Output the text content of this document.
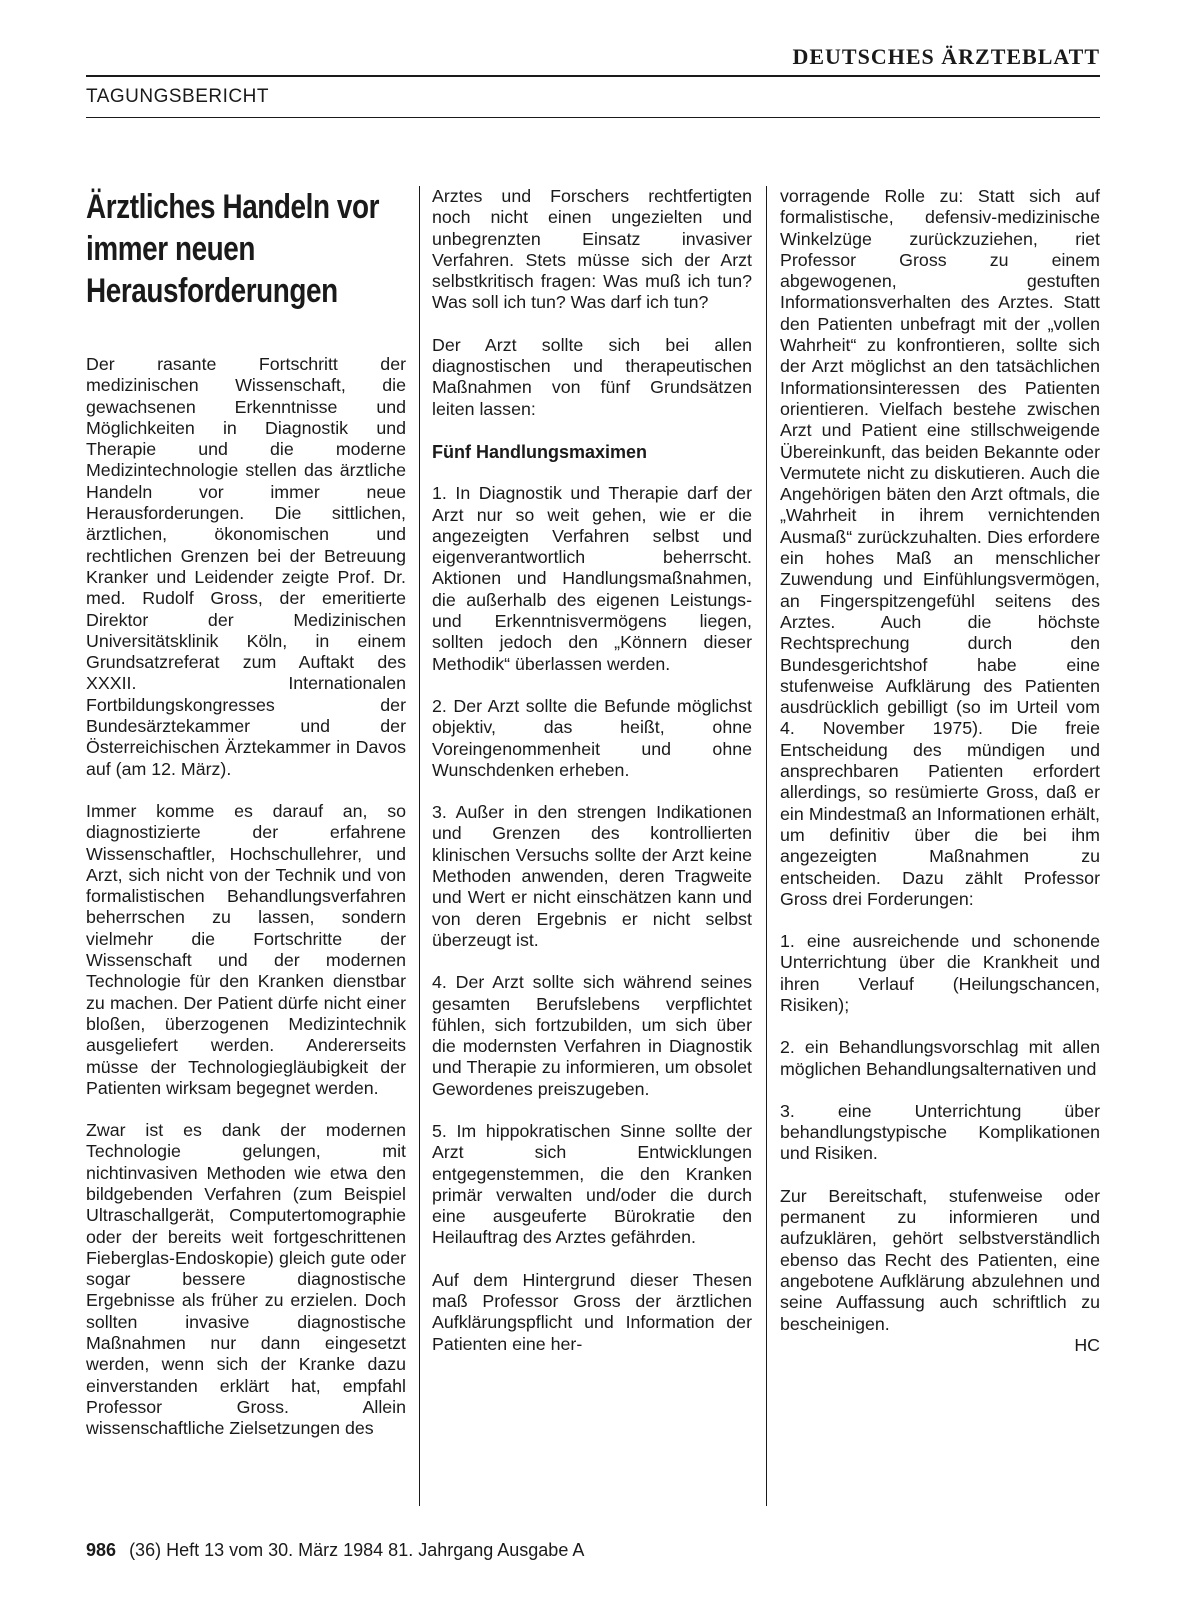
DEUTSCHES ÄRZTEBLATT
TAGUNGSBERICHT
Ärztliches Handeln vor immer neuen Herausforderungen

Der rasante Fortschritt der medizinischen Wissenschaft, die gewachsenen Erkenntnisse und Möglichkeiten in Diagnostik und Therapie und die moderne Medizintechnologie stellen das ärztliche Handeln vor immer neue Herausforderungen. Die sittlichen, ärztlichen, ökonomischen und rechtlichen Grenzen bei der Betreuung Kranker und Leidender zeigte Prof. Dr. med. Rudolf Gross, der emeritierte Direktor der Medizinischen Universitätsklinik Köln, in einem Grundsatzreferat zum Auftakt des XXXII. Internationalen Fortbildungskongresses der Bundesärztekammer und der Österreichischen Ärztekammer in Davos auf (am 12. März).

Immer komme es darauf an, so diagnostizierte der erfahrene Wissenschaftler, Hochschullehrer, und Arzt, sich nicht von der Technik und von formalistischen Behandlungsverfahren beherrschen zu lassen, sondern vielmehr die Fortschritte der Wissenschaft und der modernen Technologie für den Kranken dienstbar zu machen. Der Patient dürfe nicht einer bloßen, überzogenen Medizintechnik ausgeliefert werden. Andererseits müsse der Technologiegläubigkeit der Patienten wirksam begegnet werden.

Zwar ist es dank der modernen Technologie gelungen, mit nichtinvasiven Methoden wie etwa den bildgebenden Verfahren (zum Beispiel Ultraschallgerät, Computertomographie oder der bereits weit fortgeschrittenen Fieberglas-Endoskopie) gleich gute oder sogar bessere diagnostische Ergebnisse als früher zu erzielen. Doch sollten invasive diagnostische Maßnahmen nur dann eingesetzt werden, wenn sich der Kranke dazu einverstanden erklärt hat, empfahl Professor Gross. Allein wissenschaftliche Zielsetzungen des

Arztes und Forschers rechtfertigten noch nicht einen ungezielten und unbegrenzten Einsatz invasiver Verfahren. Stets müsse sich der Arzt selbstkritisch fragen: Was muß ich tun? Was soll ich tun? Was darf ich tun?

Der Arzt sollte sich bei allen diagnostischen und therapeutischen Maßnahmen von fünf Grundsätzen leiten lassen:

Fünf Handlungsmaximen

1. In Diagnostik und Therapie darf der Arzt nur so weit gehen, wie er die angezeigten Verfahren selbst und eigenverantwortlich beherrscht. Aktionen und Handlungsmaßnahmen, die außerhalb des eigenen Leistungs- und Erkenntnisvermögens liegen, sollten jedoch den „Könnern dieser Methodik“ überlassen werden.

2. Der Arzt sollte die Befunde möglichst objektiv, das heißt, ohne Voreingenommenheit und ohne Wunschdenken erheben.

3. Außer in den strengen Indikationen und Grenzen des kontrollierten klinischen Versuchs sollte der Arzt keine Methoden anwenden, deren Tragweite und Wert er nicht einschätzen kann und von deren Ergebnis er nicht selbst überzeugt ist.

4. Der Arzt sollte sich während seines gesamten Berufslebens verpflichtet fühlen, sich fortzubilden, um sich über die modernsten Verfahren in Diagnostik und Therapie zu informieren, um obsolet Gewordenes preiszugeben.

5. Im hippokratischen Sinne sollte der Arzt sich Entwicklungen entgegenstemmen, die den Kranken primär verwalten und/oder die durch eine ausgeuferte Bürokratie den Heilauftrag des Arztes gefährden.

Auf dem Hintergrund dieser Thesen maß Professor Gross der ärztlichen Aufklärungspflicht und Information der Patienten eine her-

vorragende Rolle zu: Statt sich auf formalistische, defensiv-medizinische Winkelzüge zurückzuziehen, riet Professor Gross zu einem abgewogenen, gestuften Informationsverhalten des Arztes. Statt den Patienten unbefragt mit der „vollen Wahrheit“ zu konfrontieren, sollte sich der Arzt möglichst an den tatsächlichen Informationsinteressen des Patienten orientieren. Vielfach bestehe zwischen Arzt und Patient eine stillschweigende Übereinkunft, das beiden Bekannte oder Vermutete nicht zu diskutieren. Auch die Angehörigen bäten den Arzt oftmals, die „Wahrheit in ihrem vernichtenden Ausmaß“ zurückzuhalten. Dies erfordere ein hohes Maß an menschlicher Zuwendung und Einfühlungsvermögen, an Fingerspitzengefühl seitens des Arztes. Auch die höchste Rechtsprechung durch den Bundesgerichtshof habe eine stufenweise Aufklärung des Patienten ausdrücklich gebilligt (so im Urteil vom 4. November 1975). Die freie Entscheidung des mündigen und ansprechbaren Patienten erfordert allerdings, so resümierte Gross, daß er ein Mindestmaß an Informationen erhält, um definitiv über die bei ihm angezeigten Maßnahmen zu entscheiden. Dazu zählt Professor Gross drei Forderungen:

1. eine ausreichende und schonende Unterrichtung über die Krankheit und ihren Verlauf (Heilungschancen, Risiken);

2. ein Behandlungsvorschlag mit allen möglichen Behandlungsalternativen und

3. eine Unterrichtung über behandlungstypische Komplikationen und Risiken.

Zur Bereitschaft, stufenweise oder permanent zu informieren und aufzuklären, gehört selbstverständlich ebenso das Recht des Patienten, eine angebotene Aufklärung abzulehnen und seine Auffassung auch schriftlich zu bescheinigen.

HC
986 (36) Heft 13 vom 30. März 1984 81. Jahrgang Ausgabe A
